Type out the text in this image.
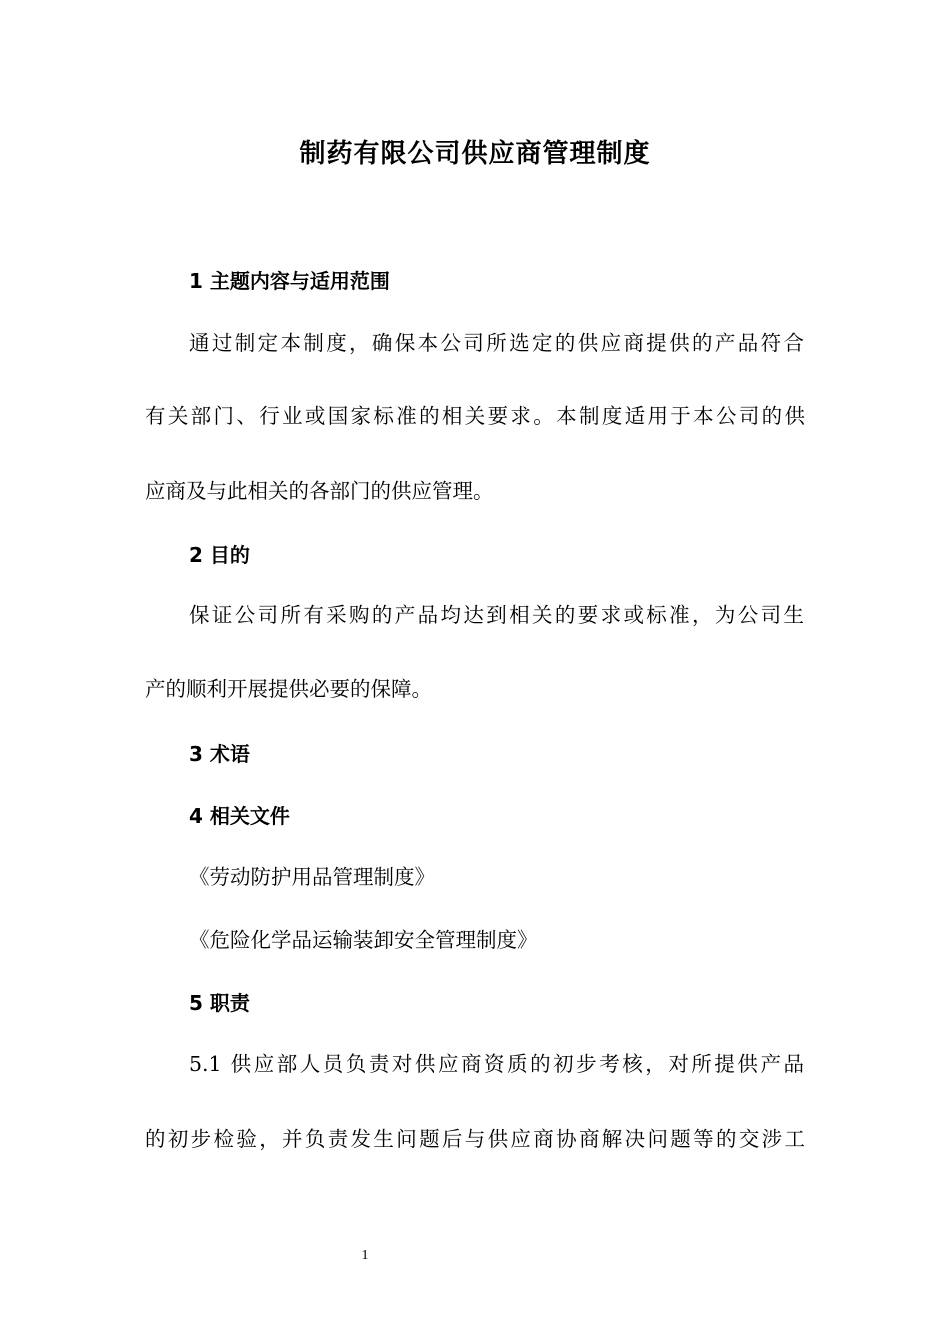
制药有限公司供应商管理制度
1 主题内容与适用范围
通过制定本制度，确保本公司所选定的供应商提供的产品符合
有关部门、行业或国家标准的相关要求。本制度适用于本公司的供
应商及与此相关的各部门的供应管理。
2 目的
保证公司所有采购的产品均达到相关的要求或标准，为公司生
产的顺利开展提供必要的保障。
3 术语
4 相关文件
《劳动防护用品管理制度》
《危险化学品运输装卸安全管理制度》
5 职责
5.1 供应部人员负责对供应商资质的初步考核，对所提供产品
的初步检验，并负责发生问题后与供应商协商解决问题等的交涉工
1
